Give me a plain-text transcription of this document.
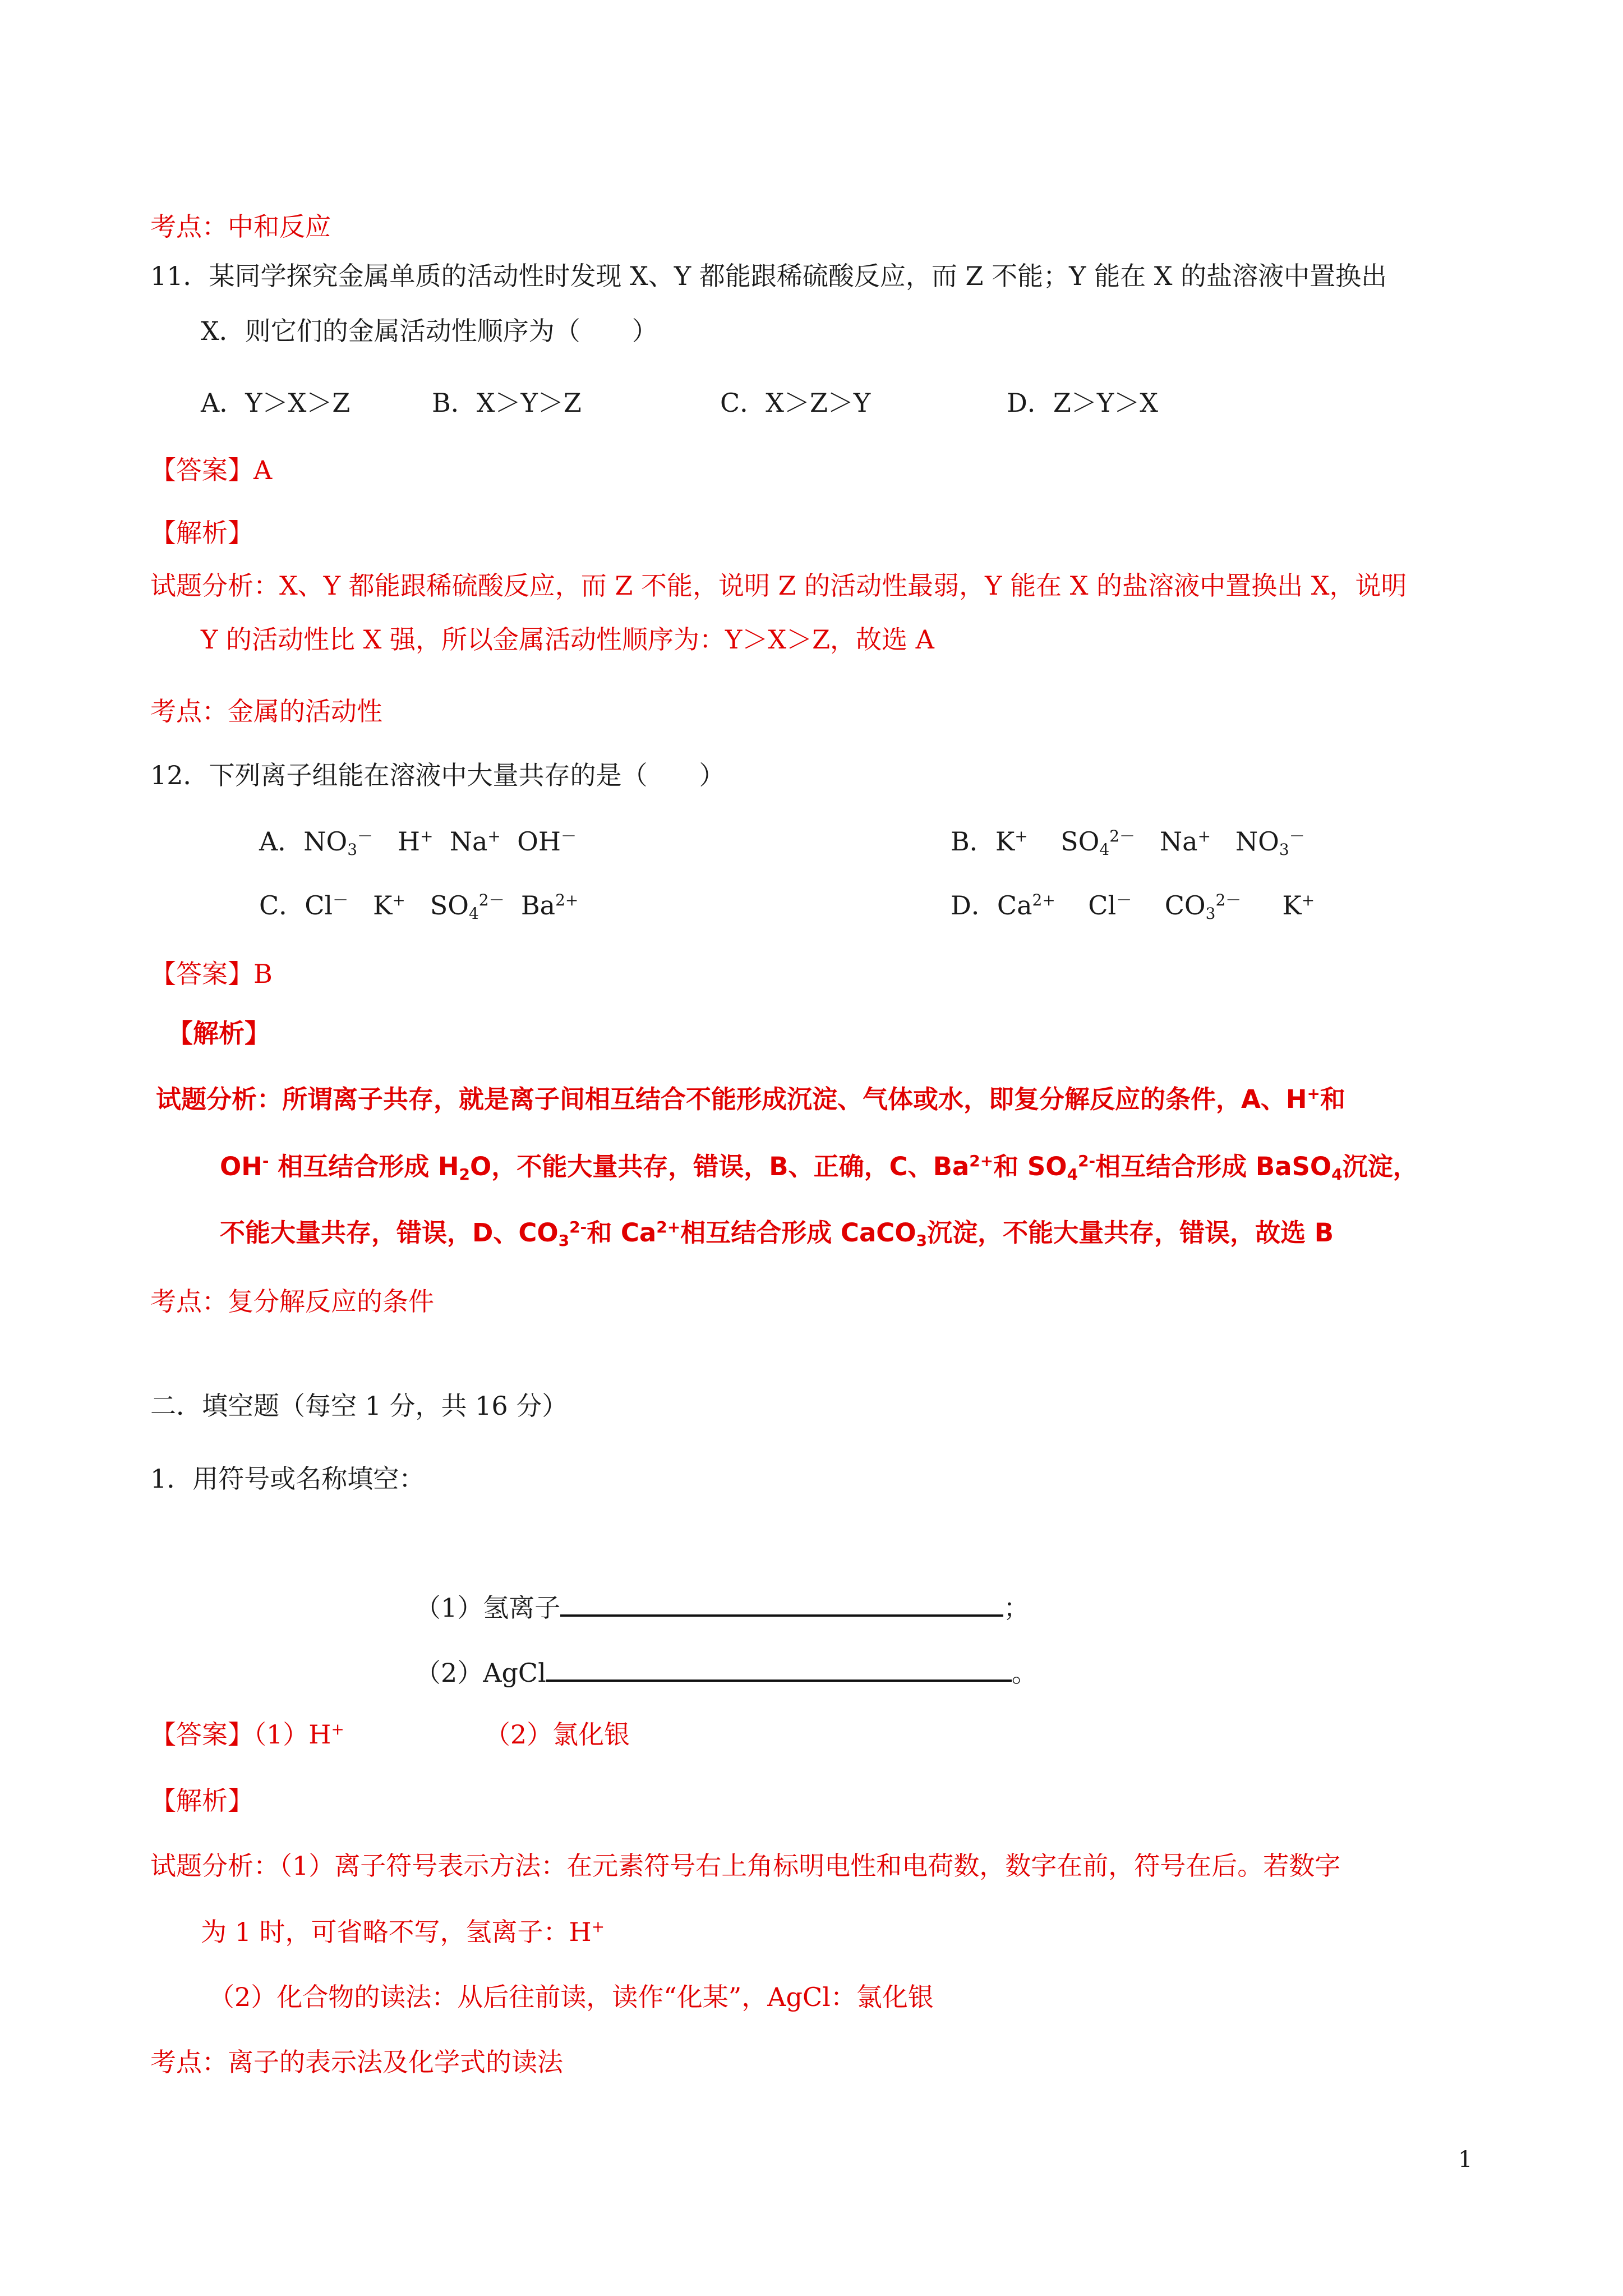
考点：中和反应
11．某同学探究金属单质的活动性时发现 X、Y 都能跟稀硫酸反应，而 Z 不能；Y 能在 X 的盐溶液中置换出
X．则它们的金属活动性顺序为（　　）
A．Y＞X＞Z	B．X＞Y＞Z	C．X＞Z＞Y	D．Z＞Y＞X
【答案】A
【解析】
试题分析：X、Y 都能跟稀硫酸反应，而 Z 不能，说明 Z 的活动性最弱，Y 能在 X 的盐溶液中置换出 X，说明
Y 的活动性比 X 强，所以金属活动性顺序为：Y＞X＞Z，故选 A
考点：金属的活动性
12．下列离子组能在溶液中大量共存的是（　　）
A．$NO_3^-$   H+  Na+  OH－	B．K+    $SO_4^{2-}$   Na+   $NO_3^-$
C．Cl－   K+   $SO_4^{2-}$  $Ba^{2+}$	D．$Ca^{2+}$    Cl－    $CO_3^{2-}$     K+
【答案】B
【解析】
试题分析：所谓离子共存，就是离子间相互结合不能形成沉淀、气体或水，即复分解反应的条件，A、H+和
OH- 相互结合形成 $H_2O$，不能大量共存，错误，B、正确，C、$Ba^{2+}$和 $SO_4^{2-}$相互结合形成 BaSO$_4$沉淀，
不能大量共存，错误，D、$CO_3^{2-}$和 $Ca^{2+}$相互结合形成 CaCO$_3$沉淀，不能大量共存，错误，故选 B
考点：复分解反应的条件
二．填空题（每空 1 分，共 16 分）
1．用符号或名称填空：
（1）氢离子	；
（2）AgCl	。
【答案】（1）H+	（2）氯化银
【解析】
试题分析：（1）离子符号表示方法：在元素符号右上角标明电性和电荷数，数字在前，符号在后。若数字
为 1 时，可省略不写，氢离子：H+
（2）化合物的读法：从后往前读，读作“化某”，AgCl：氯化银
考点：离子的表示法及化学式的读法
1
